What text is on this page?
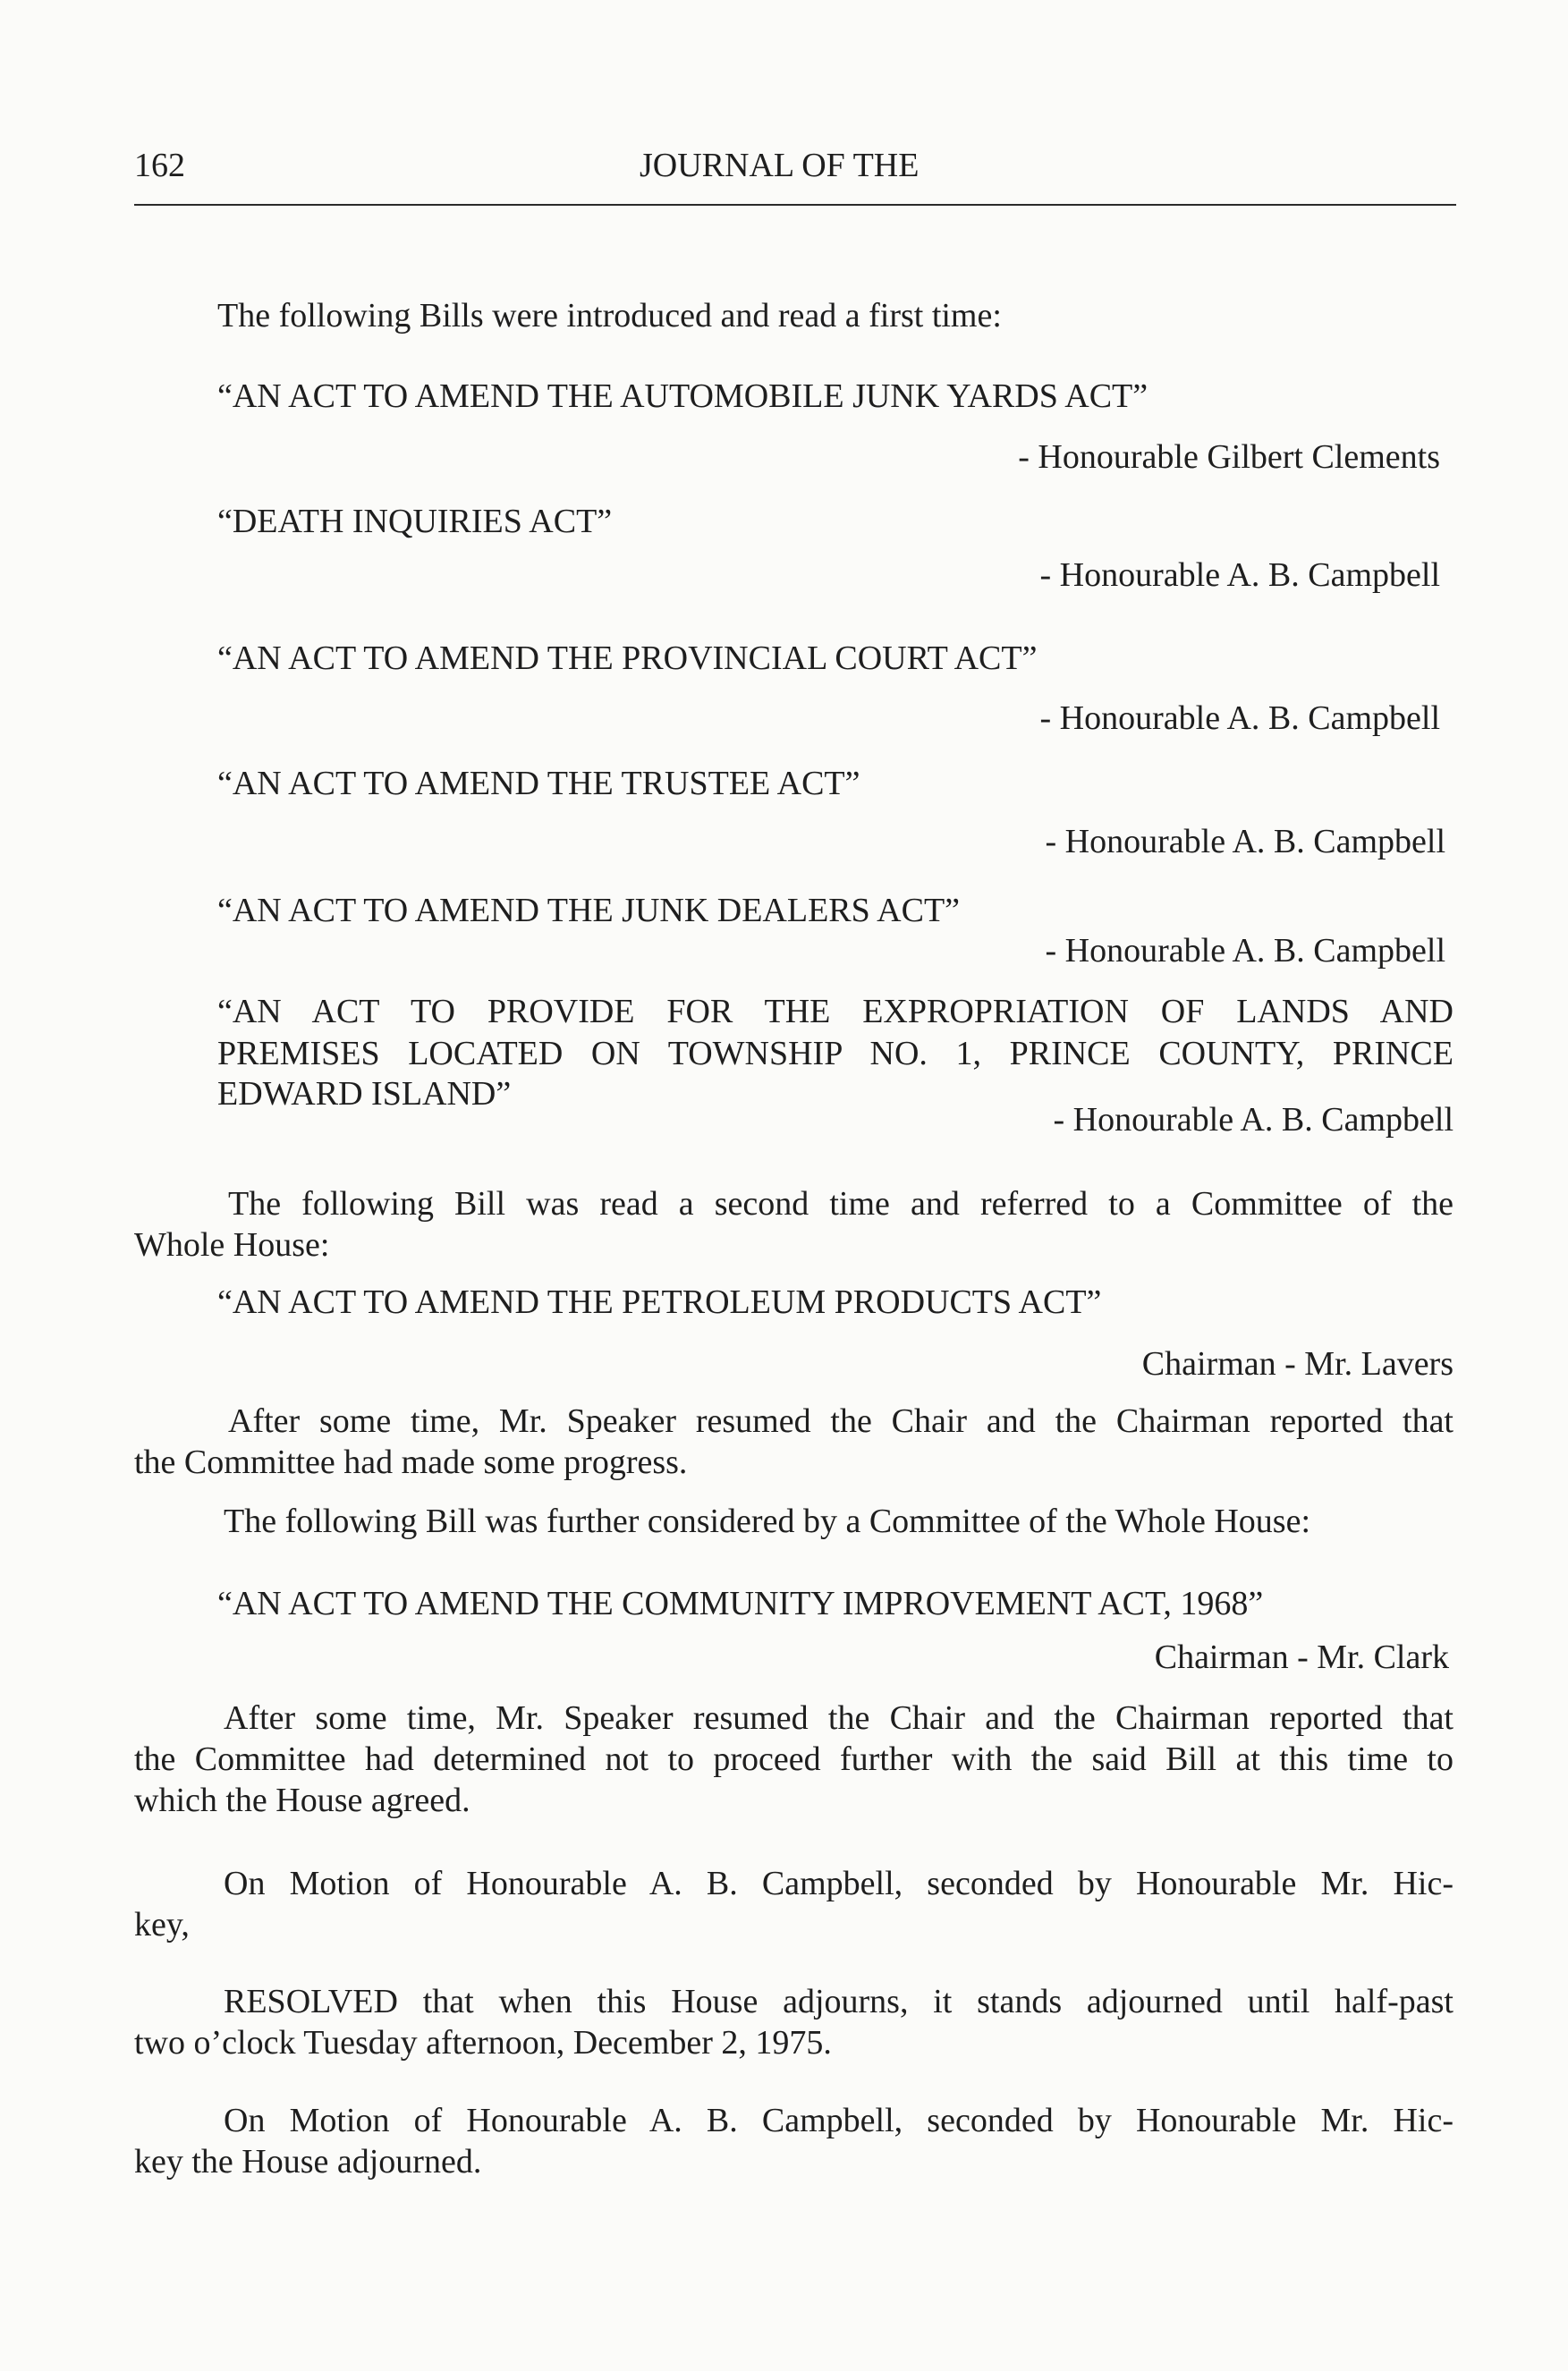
162	JOURNAL OF THE
The following Bills were introduced and read a first time:
“AN ACT TO AMEND THE AUTOMOBILE JUNK YARDS ACT”
- Honourable Gilbert Clements
“DEATH INQUIRIES ACT”
- Honourable A. B. Campbell
“AN ACT TO AMEND THE PROVINCIAL COURT ACT”
- Honourable A. B. Campbell
“AN ACT TO AMEND THE TRUSTEE ACT”
- Honourable A. B. Campbell
“AN ACT TO AMEND THE JUNK DEALERS ACT”
- Honourable A. B. Campbell
“AN ACT TO PROVIDE FOR THE EXPROPRIATION OF LANDS AND
PREMISES LOCATED ON TOWNSHIP NO. 1, PRINCE COUNTY, PRINCE
EDWARD ISLAND”
- Honourable A. B. Campbell
The following Bill was read a second time and referred to a Committee of the
Whole House:
“AN ACT TO AMEND THE PETROLEUM PRODUCTS ACT”
Chairman - Mr. Lavers
After some time, Mr. Speaker resumed the Chair and the Chairman reported that
the Committee had made some progress.
The following Bill was further considered by a Committee of the Whole House:
“AN ACT TO AMEND THE COMMUNITY IMPROVEMENT ACT, 1968”
Chairman - Mr. Clark
After some time, Mr. Speaker resumed the Chair and the Chairman reported that
the Committee had determined not to proceed further with the said Bill at this time to
which the House agreed.
On Motion of Honourable A. B. Campbell, seconded by Honourable Mr. Hic-
key,
RESOLVED that when this House adjourns, it stands adjourned until half-past
two o’clock Tuesday afternoon, December 2, 1975.
On Motion of Honourable A. B. Campbell, seconded by Honourable Mr. Hic-
key the House adjourned.
